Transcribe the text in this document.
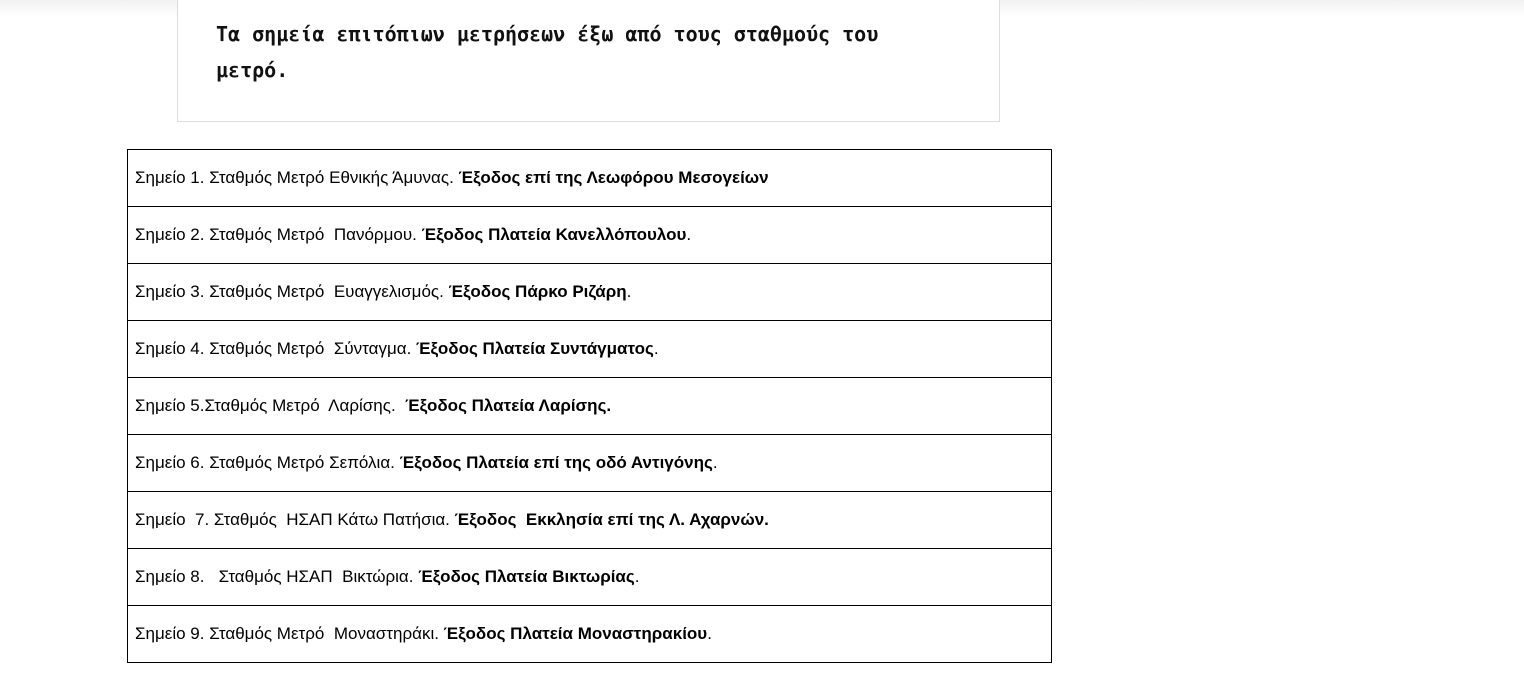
Τα σημεία επιτόπιων μετρήσεων έξω από τους σταθμούς του μετρό.

Σημείο 1. Σταθμός Μετρό Εθνικής Άμυνας. Έξοδος επί της Λεωφόρου Μεσογείων
Σημείο 2. Σταθμός Μετρό  Πανόρμου. Έξοδος Πλατεία Κανελλόπουλου.
Σημείο 3. Σταθμός Μετρό  Ευαγγελισμός. Έξοδος Πάρκο Ριζάρη.
Σημείο 4. Σταθμός Μετρό  Σύνταγμα. Έξοδος Πλατεία Συντάγματος.
Σημείο 5.Σταθμός Μετρό  Λαρίσης.  Έξοδος Πλατεία Λαρίσης.
Σημείο 6. Σταθμός Μετρό Σεπόλια. Έξοδος Πλατεία επί της οδό Αντιγόνης.
Σημείο  7. Σταθμός  ΗΣΑΠ Κάτω Πατήσια. Έξοδος  Εκκλησία επί της Λ. Αχαρνών.
Σημείο 8.   Σταθμός ΗΣΑΠ  Βικτώρια. Έξοδος Πλατεία Βικτωρίας.
Σημείο 9. Σταθμός Μετρό  Μοναστηράκι. Έξοδος Πλατεία Μοναστηρακίου.
